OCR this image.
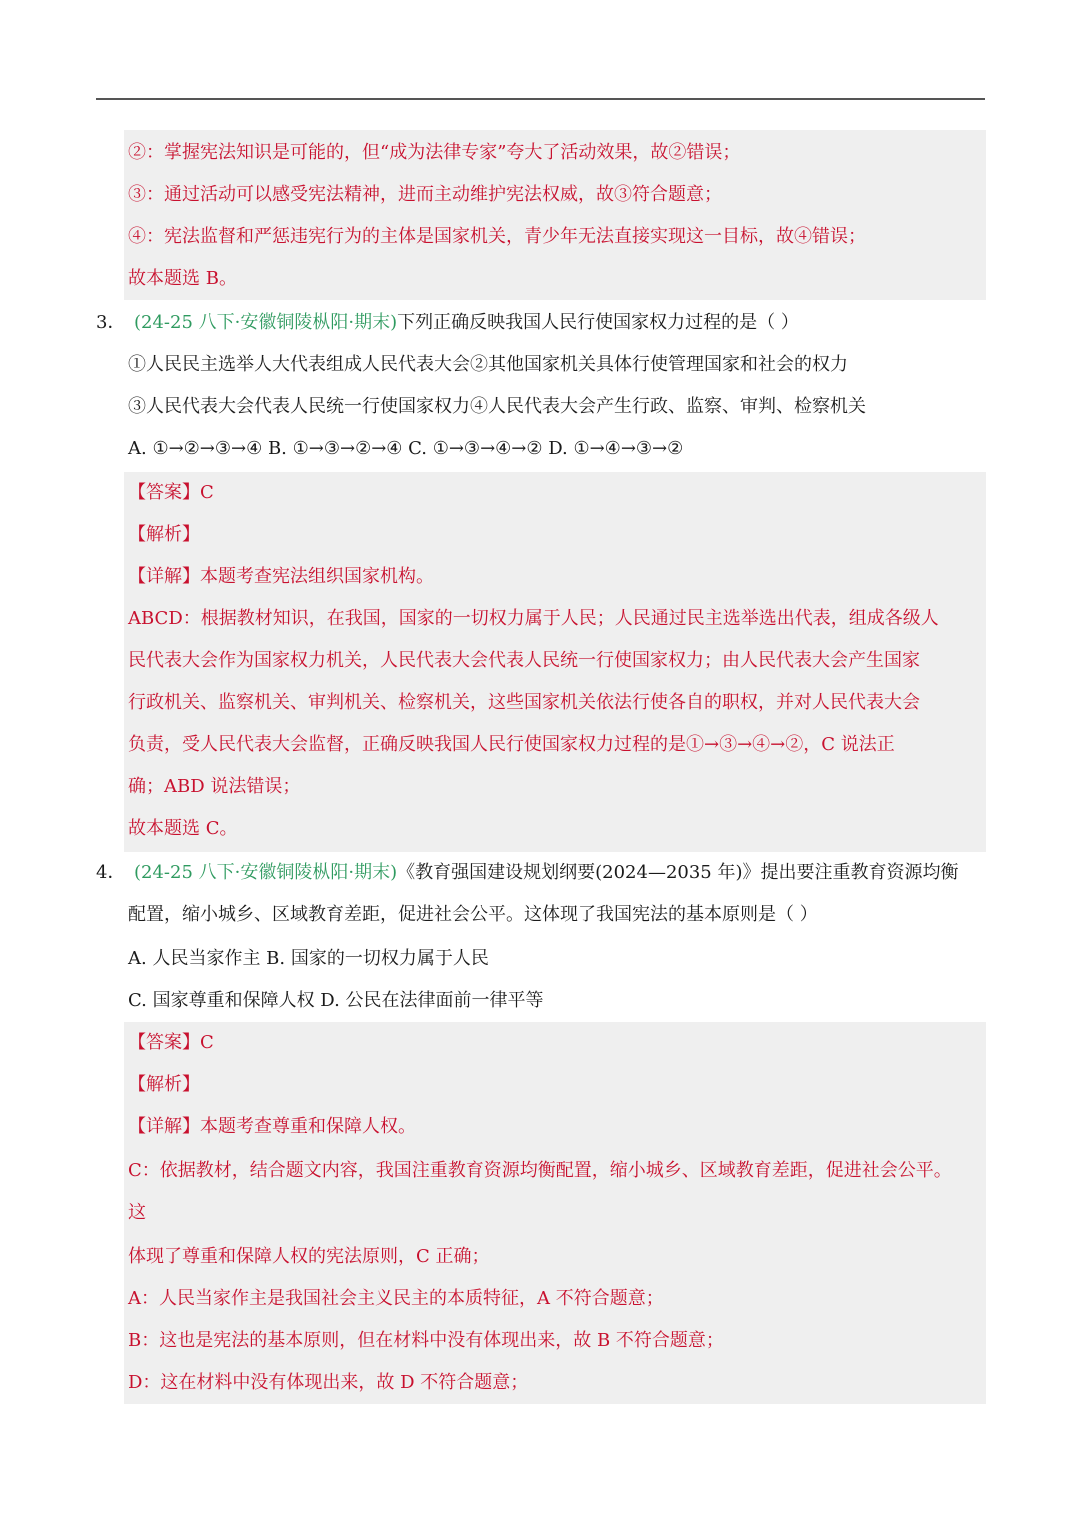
②：掌握宪法知识是可能的，但“成为法律专家”夸大了活动效果，故②错误；
③：通过活动可以感受宪法精神，进而主动维护宪法权威，故③符合题意；
④：宪法监督和严惩违宪行为的主体是国家机关，青少年无法直接实现这一目标，故④错误；
故本题选 B。
3． (24-25 八下·安徽铜陵枞阳·期末)下列正确反映我国人民行使国家权力过程的是（ ）
①人民民主选举人大代表组成人民代表大会②其他国家机关具体行使管理国家和社会的权力
③人民代表大会代表人民统一行使国家权力④人民代表大会产生行政、监察、审判、检察机关
A. ①→②→③→④ B. ①→③→②→④ C. ①→③→④→② D. ①→④→③→②
【答案】C
【解析】
【详解】本题考查宪法组织国家机构。
ABCD：根据教材知识，在我国，国家的一切权力属于人民；人民通过民主选举选出代表，组成各级人
民代表大会作为国家权力机关，人民代表大会代表人民统一行使国家权力；由人民代表大会产生国家
行政机关、监察机关、审判机关、检察机关，这些国家机关依法行使各自的职权，并对人民代表大会
负责，受人民代表大会监督，正确反映我国人民行使国家权力过程的是①→③→④→②，C 说法正
确；ABD 说法错误；
故本题选 C。
4． (24-25 八下·安徽铜陵枞阳·期末)《教育强国建设规划纲要(2024—2035 年)》提出要注重教育资源均衡
配置，缩小城乡、区域教育差距，促进社会公平。这体现了我国宪法的基本原则是（ ）
A. 人民当家作主 B. 国家的一切权力属于人民
C. 国家尊重和保障人权 D. 公民在法律面前一律平等
【答案】C
【解析】
【详解】本题考查尊重和保障人权。
C：依据教材，结合题文内容，我国注重教育资源均衡配置，缩小城乡、区域教育差距，促进社会公平。
这
体现了尊重和保障人权的宪法原则，C 正确；
A：人民当家作主是我国社会主义民主的本质特征，A 不符合题意；
B：这也是宪法的基本原则，但在材料中没有体现出来，故 B 不符合题意；
D：这在材料中没有体现出来，故 D 不符合题意；
